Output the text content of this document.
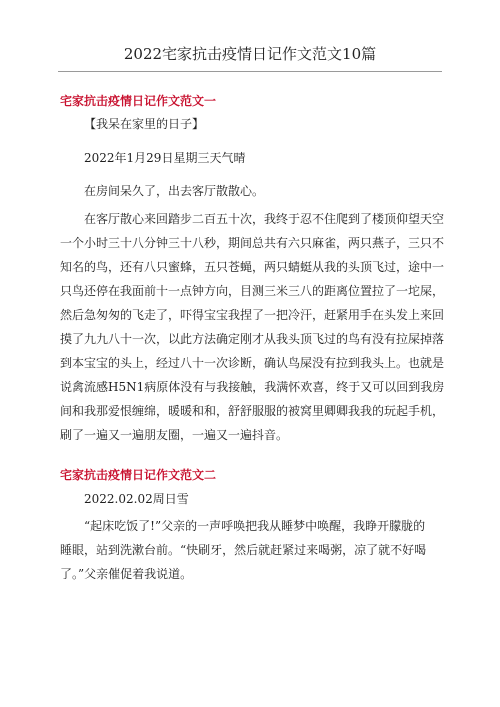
2022宅家抗击疫情日记作文范文10篇
宅家抗击疫情日记作文范文一
【我呆在家里的日子】
2022年1月29日星期三天气晴
在房间呆久了，出去客厅散散心。
在客厅散心来回踏步二百五十次，我终于忍不住爬到了楼顶仰望天空
一个小时三十八分钟三十八秒，期间总共有六只麻雀，两只燕子，三只不
知名的鸟，还有八只蜜蜂，五只苍蝇，两只蜻蜓从我的头顶飞过，途中一
只鸟还停在我面前十一点钟方向，目测三米三八的距离位置拉了一坨屎，
然后急匆匆的飞走了，吓得宝宝我捏了一把冷汗，赶紧用手在头发上来回
摸了九九八十一次，以此方法确定刚才从我头顶飞过的鸟有没有拉屎掉落
到本宝宝的头上，经过八十一次诊断，确认鸟屎没有拉到我头上。也就是
说禽流感H5N1病原体没有与我接触，我满怀欢喜，终于又可以回到我房
间和我那爱恨缠绵，暖暖和和，舒舒服服的被窝里卿卿我我的玩起手机，
刷了一遍又一遍朋友圈，一遍又一遍抖音。
宅家抗击疫情日记作文范文二
2022.02.02周日雪
“起床吃饭了!”父亲的一声呼唤把我从睡梦中唤醒，我睁开朦胧的
睡眼，站到洗漱台前。“快刷牙，然后就赶紧过来喝粥，凉了就不好喝
了。”父亲催促着我说道。
